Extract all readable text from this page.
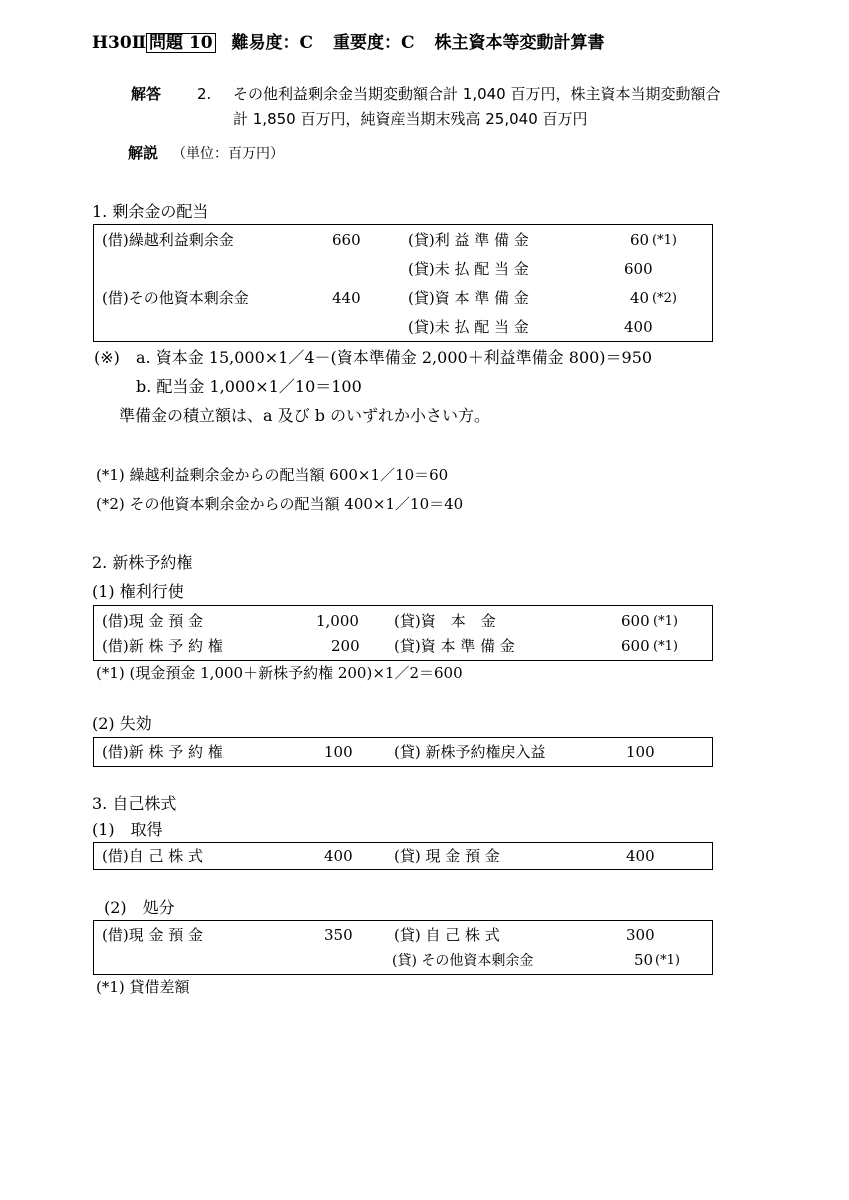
H30Ⅱ 問題 10 難易度：C 重要度：C 株主資本等変動計算書
解答 2. その他利益剰余金当期変動額合計 1,040 百万円，株主資本当期変動額合
計 1,850 百万円，純資産当期末残高 25,040 百万円
解説 （単位：百万円）
1. 剰余金の配当
(借)繰越利益剰余金	660	(貸)利 益 準 備 金	60 (*1)
(貸)未 払 配 当 金	600
(借)その他資本剰余金	440	(貸)資 本 準 備 金	40 (*2)
(貸)未 払 配 当 金	400
(※) a. 資本金 15,000×1／4－(資本準備金 2,000＋利益準備金 800)＝950
b. 配当金 1,000×1／10＝100
準備金の積立額は、a 及び b のいずれか小さい方。
(*1) 繰越利益剰余金からの配当額 600×1／10＝60
(*2) その他資本剰余金からの配当額 400×1／10＝40
2. 新株予約権
(1) 権利行使
(借)現 金 預 金	1,000 (貸)資　本　金	600 (*1)
(借)新 株 予 約 権	200 (貸)資 本 準 備 金	600 (*1)
(*1) (現金預金 1,000＋新株予約権 200)×1／2＝600
(2) 失効
(借)新 株 予 約 権	100	(貸) 新株予約権戻入益	100
3. 自己株式
(1)　取得
(借)自 己 株 式	400	(貸) 現 金 預 金	400
(2)　処分
(借)現 金 預 金	350	(貸) 自 己 株 式	300
(貸) その他資本剰余金	50 (*1)
(*1) 貸借差額
